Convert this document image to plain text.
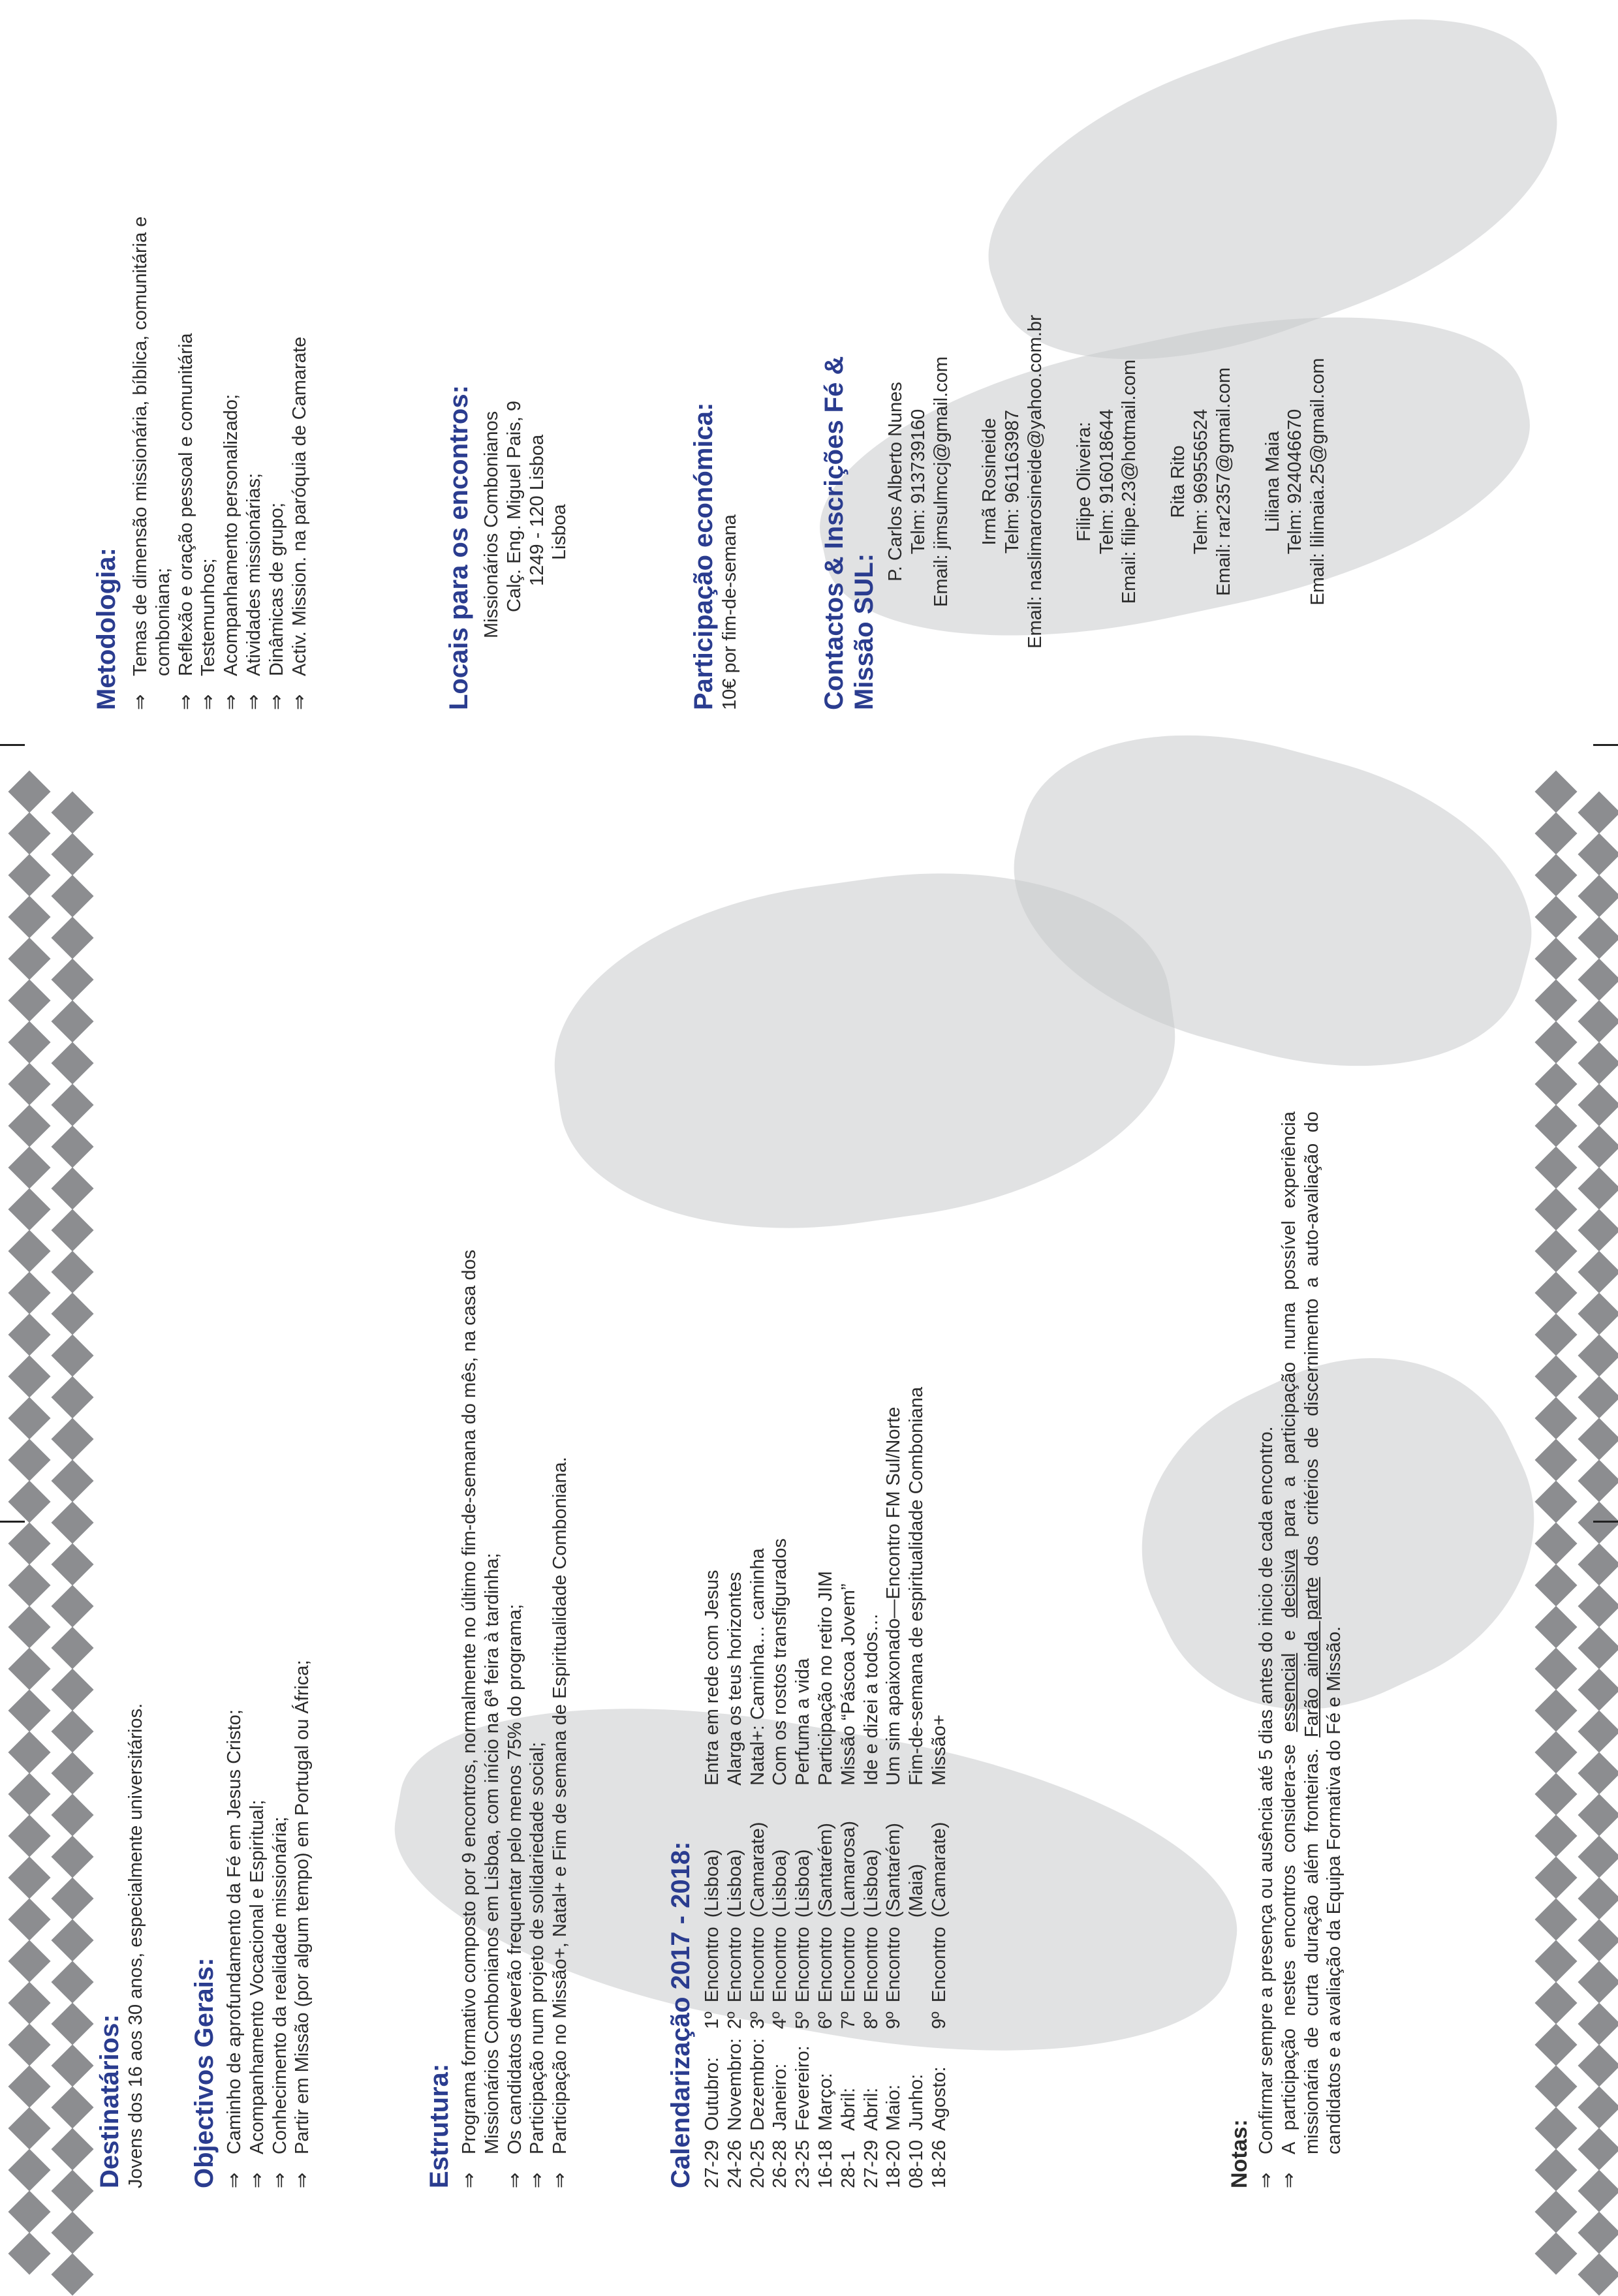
Destinatários: Jovens dos 16 aos 30 anos, especialmente universitários. Objectivos Gerais: ⇒
Caminho de aprofundamento da Fé em Jesus Cristo;
⇒
Acompanhamento Vocacional e Espiritual;
⇒
Conhecimento da realidade missionária;
⇒
Partir em Missão (por algum tempo) em Portugal ou África;	Estrutura: ⇒
Programa formativo composto por 9 encontros, normalmente no último fim-de-semana do mês, na casa dos Missionários Combonianos em Lisboa, com início na 6ª feira à tardinha;
⇒
Os candidatos deverão frequentar pelo menos 75% do programa;
⇒
Participação num projeto de solidariedade social;
⇒
Participação no Missão+, Natal+ e Fim de semana de Espiritualidade Comboniana.	Calendarização 2017 - 2018: 27-29	Outubro:	1º	Encontro	(Lisboa)	Entra em rede com Jesus
24-26	Novembro:	2º	Encontro	(Lisboa)	Alarga os teus horizontes
20-25	Dezembro:	3º	Encontro	(Camarate)	Natal+: Caminha… caminha
26-28	Janeiro:	4º	Encontro	(Lisboa)	Com os rostos transfigurados
23-25	Fevereiro:	5º	Encontro	(Lisboa)	Perfuma a vida
16-18	Março:	6º	Encontro	(Santarém)	Participação no retiro JIM
28-1	Abril:	7º	Encontro	(Lamarosa)	Missão “Páscoa Jovem”
27-29	Abril:	8º	Encontro	(Lisboa)	Ide e dizei a todos…
18-20	Maio:	9º	Encontro	(Santarém)	Um sim apaixonado—Encontro FM Sul/Norte
08-10	Junho:			(Maia)	Fim-de-semana de espiritualidade Comboniana
18-26	Agosto:	9º	Encontro	(Camarate)	Missão+
Notas: ⇒
Confirmar sempre a presença ou ausência até 5 dias antes do inicio de cada encontro.
⇒
A participação nestes encontros considera-se essencial e decisiva para a participação numa possível experiência missionária de curta duração além fronteiras. Farão ainda parte dos critérios de discernimento a auto-avaliação do candidatos e a avaliação da Equipa Formativa do Fé e Missão.
Metodologia: ⇒
Temas de dimensão missionária, bíblica, comunitária e comboniana;
⇒
Reflexão e oração pessoal e comunitária
⇒
Testemunhos;
⇒
Acompanhamento personalizado;
⇒
Atividades missionárias;
⇒
Dinâmicas de grupo;
⇒
Activ. Mission. na paróquia de Camarate	Locais para os encontros: Missionários Combonianos Calç. Eng. Miguel Pais, 9 1249 - 120 Lisboa Lisboa	Participação económica: 10€ por fim-de-semana	Contactos & Inscrições Fé &
Missão SUL:
P. Carlos Alberto Nunes Telm: 913739160 Email: jimsulmccj@gmail.com Irmã Rosineide Telm: 961163987 Email: naslimarosineide@yahoo.com.br Filipe Oliveira: Telm: 916018644 Email: filipe.23@hotmail.com Rita Rito Telm: 969556524 Email: rar2357@gmail.com Liliana Maia Telm: 924046670 Email: lilimaia.25@gmail.com
